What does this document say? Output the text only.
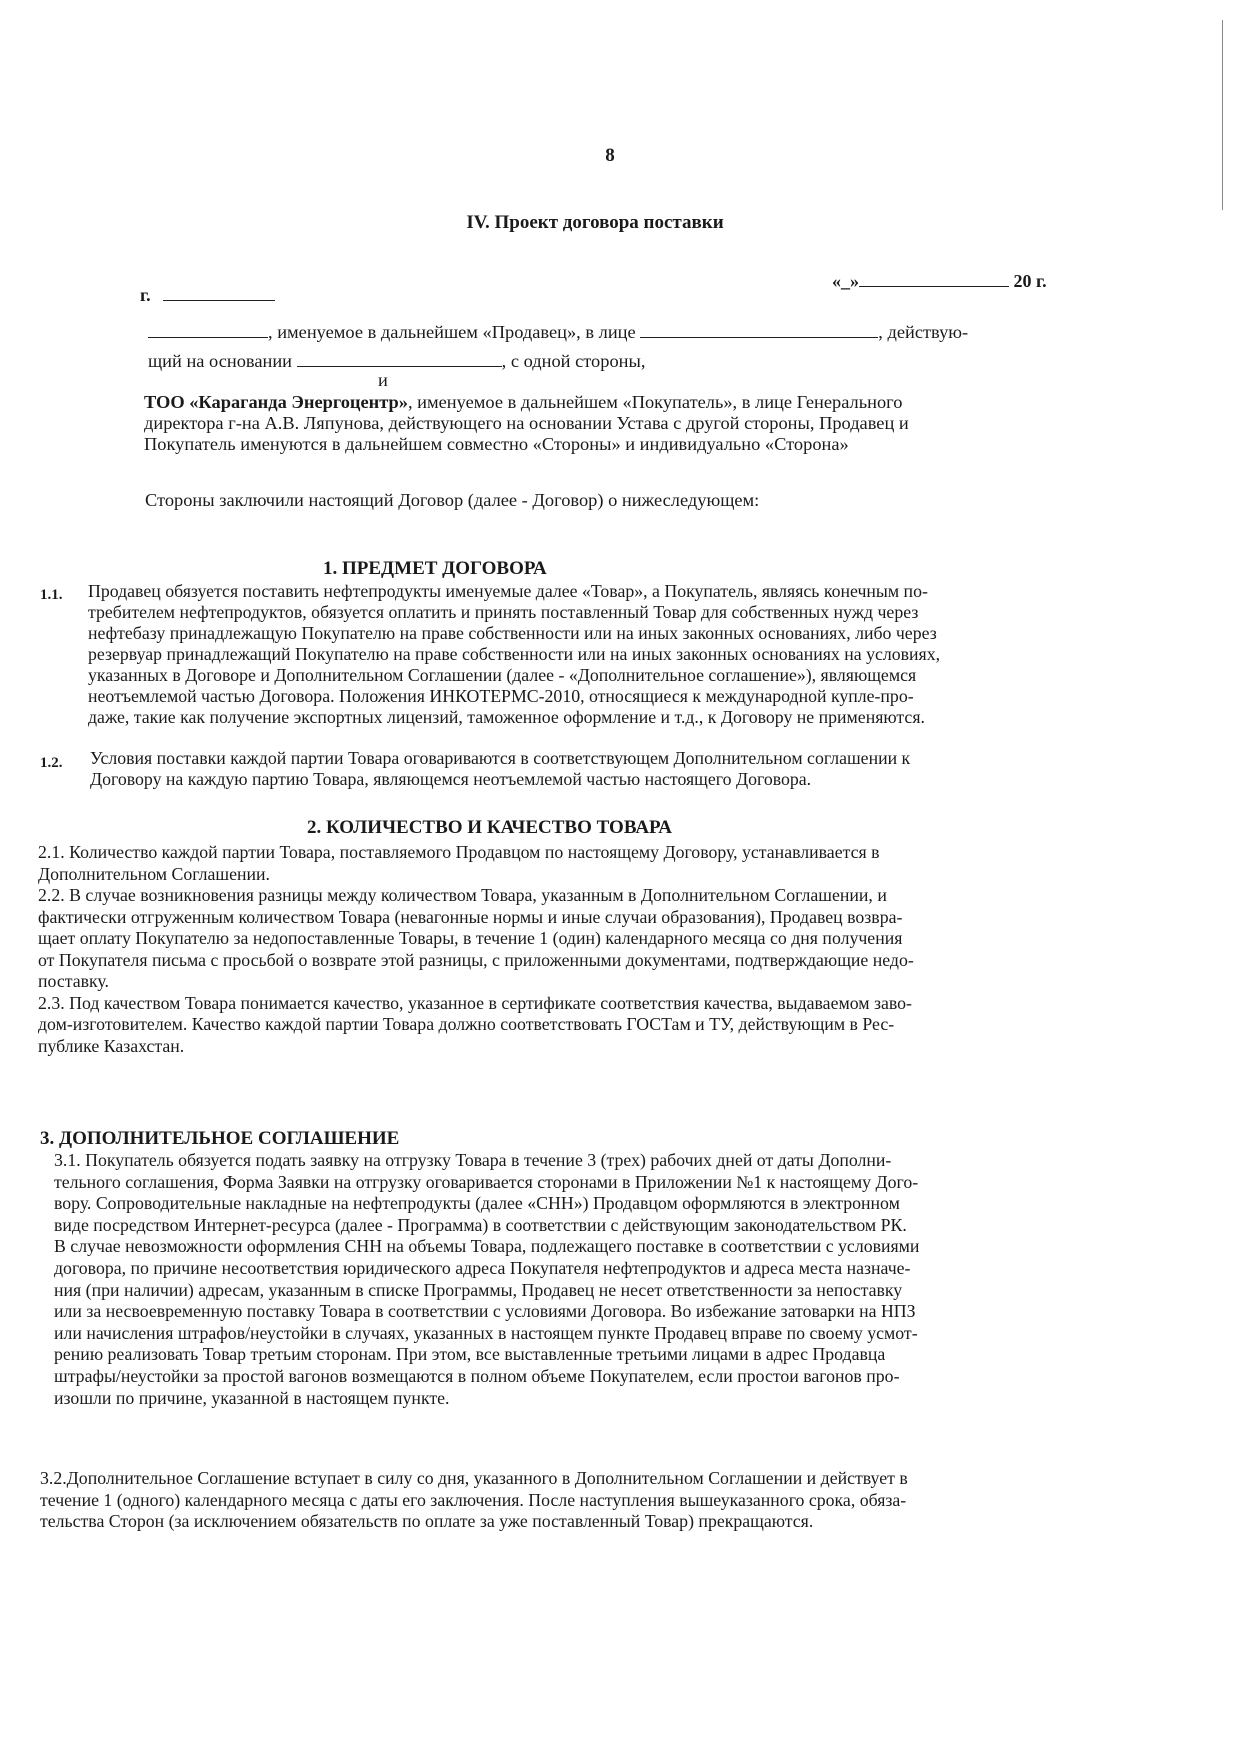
8
IV. Проект договора поставки
г.
«_»	20 г.
, именуемое в дальнейшем «Продавец», в лице	, действую-
щий на основании	, с одной стороны,
и
ТОО «Караганда Энергоцентр», именуемое в дальнейшем «Покупатель», в лице Генерального
директора г-на А.В. Ляпунова, действующего на основании Устава с другой стороны, Продавец и
Покупатель именуются в дальнейшем совместно «Стороны» и индивидуально «Сторона»
Стороны заключили настоящий Договор (далее - Договор) о нижеследующем:
1. ПРЕДМЕТ ДОГОВОРА
1.1. Продавец обязуется поставить нефтепродукты именуемые далее «Товар», а Покупатель, являясь конечным по-
требителем нефтепродуктов, обязуется оплатить и принять поставленный Товар для собственных нужд через
нефтебазу принадлежащую Покупателю на праве собственности или на иных законных основаниях, либо через
резервуар принадлежащий Покупателю на праве собственности или на иных законных основаниях на условиях,
указанных в Договоре и Дополнительном Соглашении (далее - «Дополнительное соглашение»), являющемся
неотъемлемой частью Договора. Положения ИНКОТЕРМС-2010, относящиеся к международной купле-про-
даже, такие как получение экспортных лицензий, таможенное оформление и т.д., к Договору не применяются.
1.2. Условия поставки каждой партии Товара оговариваются в соответствующем Дополнительном соглашении к
Договору на каждую партию Товара, являющемся неотъемлемой частью настоящего Договора.
2. КОЛИЧЕСТВО И КАЧЕСТВО ТОВАРА
2.1. Количество каждой партии Товара, поставляемого Продавцом по настоящему Договору, устанавливается в
Дополнительном Соглашении.
2.2. В случае возникновения разницы между количеством Товара, указанным в Дополнительном Соглашении, и
фактически отгруженным количеством Товара (невагонные нормы и иные случаи образования), Продавец возвра-
щает оплату Покупателю за недопоставленные Товары, в течение 1 (один) календарного месяца со дня получения
от Покупателя письма с просьбой о возврате этой разницы, с приложенными документами, подтверждающие недо-
поставку.
2.3. Под качеством Товара понимается качество, указанное в сертификате соответствия качества, выдаваемом заво-
дом-изготовителем. Качество каждой партии Товара должно соответствовать ГОСТам и ТУ, действующим в Рес-
публике Казахстан.
3. ДОПОЛНИТЕЛЬНОЕ СОГЛАШЕНИЕ
3.1. Покупатель обязуется подать заявку на отгрузку Товара в течение 3 (трех) рабочих дней от даты Дополни-
тельного соглашения, Форма Заявки на отгрузку оговаривается сторонами в Приложении №1 к настоящему Дого-
вору. Сопроводительные накладные на нефтепродукты (далее «СНН») Продавцом оформляются в электронном
виде посредством Интернет-ресурса (далее - Программа) в соответствии с действующим законодательством РК.
В случае невозможности оформления СНН на объемы Товара, подлежащего поставке в соответствии с условиями
договора, по причине несоответствия юридического адреса Покупателя нефтепродуктов и адреса места назначе-
ния (при наличии) адресам, указанным в списке Программы, Продавец не несет ответственности за непоставку
или за несвоевременную поставку Товара в соответствии с условиями Договора. Во избежание затоварки на НПЗ
или начисления штрафов/неустойки в случаях, указанных в настоящем пункте Продавец вправе по своему усмот-
рению реализовать Товар третьим сторонам. При этом, все выставленные третьими лицами в адрес Продавца
штрафы/неустойки за простой вагонов возмещаются в полном объеме Покупателем, если простои вагонов про-
изошли по причине, указанной в настоящем пункте.
3.2.Дополнительное Соглашение вступает в силу со дня, указанного в Дополнительном Соглашении и действует в
течение 1 (одного) календарного месяца с даты его заключения. После наступления вышеуказанного срока, обяза-
тельства Сторон (за исключением обязательств по оплате за уже поставленный Товар) прекращаются.
